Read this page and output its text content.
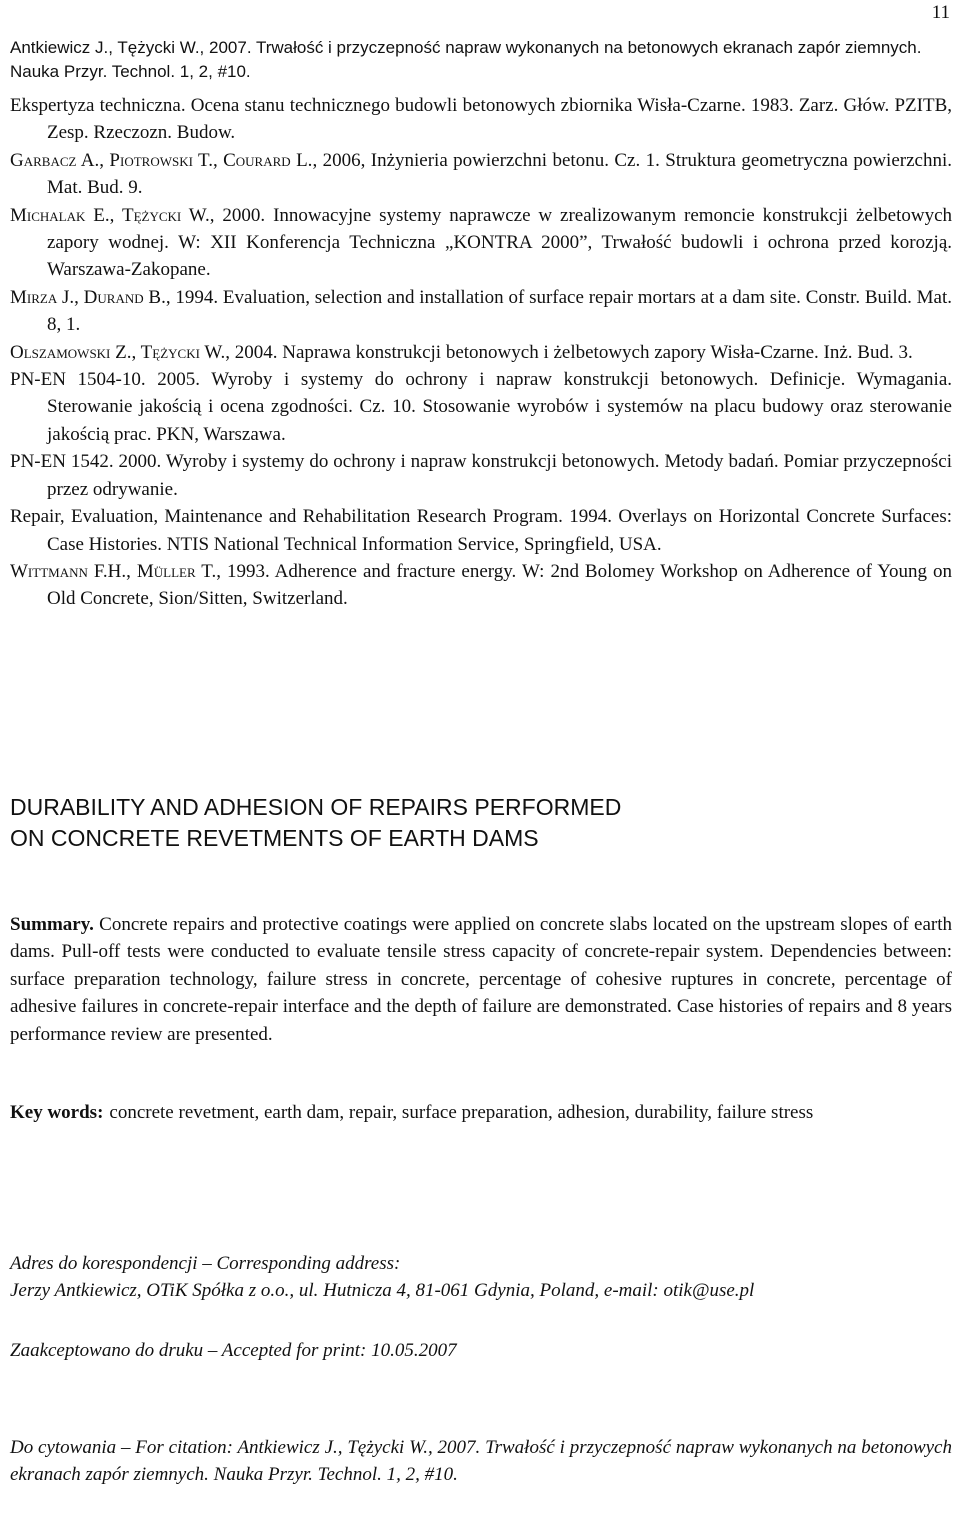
11
Antkiewicz J., Tężycki W., 2007. Trwałość i przyczepność napraw wykonanych na betonowych ekranach zapór ziemnych. Nauka Przyr. Technol. 1, 2, #10.

Ekspertyza techniczna. Ocena stanu technicznego budowli betonowych zbiornika Wisła-Czarne. 1983. Zarz. Głów. PZITB, Zesp. Rzeczozn. Budow.

Garbacz A., Piotrowski T., Courard L., 2006, Inżynieria powierzchni betonu. Cz. 1. Struktura geometryczna powierzchni. Mat. Bud. 9.

Michalak E., Tężycki W., 2000. Innowacyjne systemy naprawcze w zrealizowanym remoncie konstrukcji żelbetowych zapory wodnej. W: XII Konferencja Techniczna „KONTRA 2000”, Trwałość budowli i ochrona przed korozją. Warszawa-Zakopane.

Mirza J., Durand B., 1994. Evaluation, selection and installation of surface repair mortars at a dam site. Constr. Build. Mat. 8, 1.

Olszamowski Z., Tężycki W., 2004. Naprawa konstrukcji betonowych i żelbetowych zapory Wisła-Czarne. Inż. Bud. 3.

PN-EN 1504-10. 2005. Wyroby i systemy do ochrony i napraw konstrukcji betonowych. Definicje. Wymagania. Sterowanie jakością i ocena zgodności. Cz. 10. Stosowanie wyrobów i systemów na placu budowy oraz sterowanie jakością prac. PKN, Warszawa.

PN-EN 1542. 2000. Wyroby i systemy do ochrony i napraw konstrukcji betonowych. Metody badań. Pomiar przyczepności przez odrywanie.

Repair, Evaluation, Maintenance and Rehabilitation Research Program. 1994. Overlays on Horizontal Concrete Surfaces: Case Histories. NTIS National Technical Information Service, Springfield, USA.

Wittmann F.H., Müller T., 1993. Adherence and fracture energy. W: 2nd Bolomey Workshop on Adherence of Young on Old Concrete, Sion/Sitten, Switzerland.

DURABILITY AND ADHESION OF REPAIRS PERFORMED
ON CONCRETE REVETMENTS OF EARTH DAMS

Summary. Concrete repairs and protective coatings were applied on concrete slabs located on the upstream slopes of earth dams. Pull-off tests were conducted to evaluate tensile stress capacity of concrete-repair system. Dependencies between: surface preparation technology, failure stress in concrete, percentage of cohesive ruptures in concrete, percentage of adhesive failures in concrete-repair interface and the depth of failure are demonstrated. Case histories of repairs and 8 years performance review are presented.

Key words: concrete revetment, earth dam, repair, surface preparation, adhesion, durability, failure stress
Adres do korespondencji – Corresponding address:
Jerzy Antkiewicz, OTiK Spółka z o.o., ul. Hutnicza 4, 81-061 Gdynia, Poland, e-mail: otik@use.pl
Zaakceptowano do druku – Accepted for print: 10.05.2007
Do cytowania – For citation: Antkiewicz J., Tężycki W., 2007. Trwałość i przyczepność napraw wykonanych na betonowych ekranach zapór ziemnych. Nauka Przyr. Technol. 1, 2, #10.
